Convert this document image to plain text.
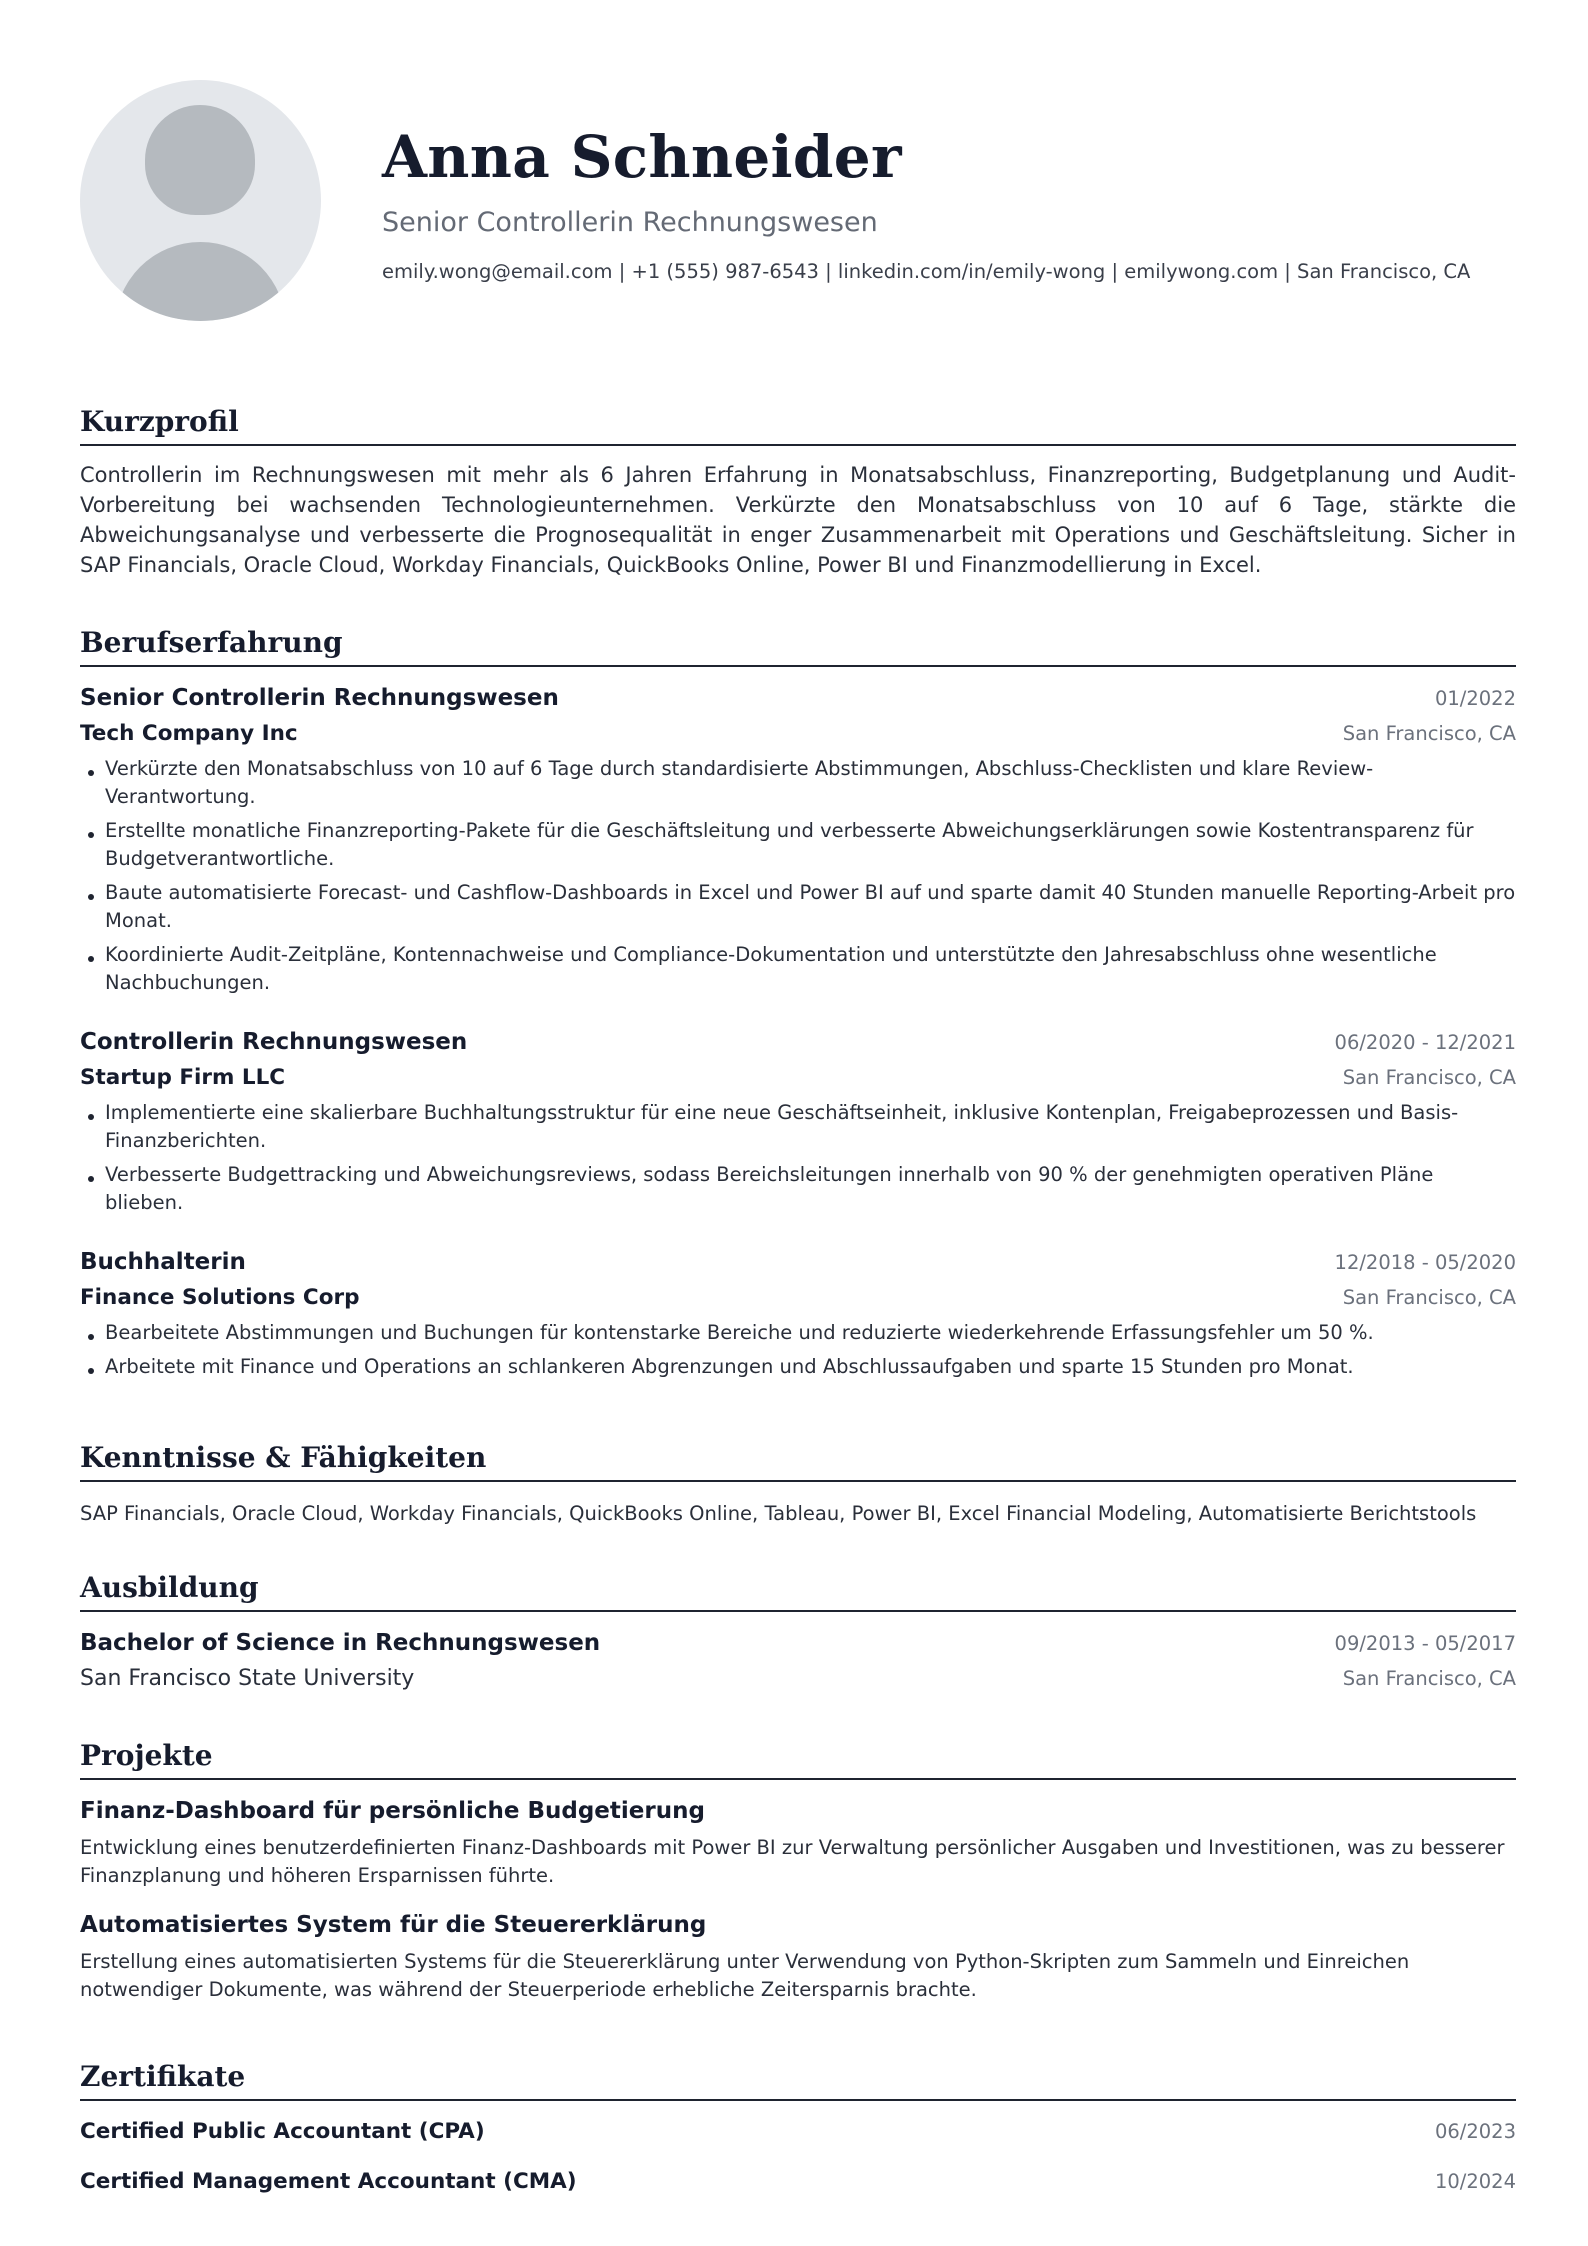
Anna Schneider
Senior Controllerin Rechnungswesen
emily.wong@email.com | +1 (555) 987-6543 | linkedin.com/in/emily-wong | emilywong.com | San Francisco, CA
Kurzprofil
Controllerin im Rechnungswesen mit mehr als 6 Jahren Erfahrung in Monatsabschluss, Finanzreporting, Budgetplanung und Audit-Vorbereitung bei wachsenden Technologieunternehmen. Verkürzte den Monatsabschluss von 10 auf 6 Tage, stärkte die Abweichungsanalyse und verbesserte die Prognosequalität in enger Zusammenarbeit mit Operations und Geschäftsleitung. Sicher in SAP Financials, Oracle Cloud, Workday Financials, QuickBooks Online, Power BI und Finanzmodellierung in Excel.
Berufserfahrung
Senior Controllerin Rechnungswesen	01/2022
Tech Company Inc	San Francisco, CA
Verkürzte den Monatsabschluss von 10 auf 6 Tage durch standardisierte Abstimmungen, Abschluss-Checklisten und klare Review-Verantwortung.
Erstellte monatliche Finanzreporting-Pakete für die Geschäftsleitung und verbesserte Abweichungserklärungen sowie Kostentransparenz für Budgetverantwortliche.
Baute automatisierte Forecast- und Cashflow-Dashboards in Excel und Power BI auf und sparte damit 40 Stunden manuelle Reporting-Arbeit pro Monat.
Koordinierte Audit-Zeitpläne, Kontennachweise und Compliance-Dokumentation und unterstützte den Jahresabschluss ohne wesentliche Nachbuchungen.
Controllerin Rechnungswesen	06/2020 - 12/2021
Startup Firm LLC	San Francisco, CA
Implementierte eine skalierbare Buchhaltungsstruktur für eine neue Geschäftseinheit, inklusive Kontenplan, Freigabeprozessen und Basis-Finanzberichten.
Verbesserte Budgettracking und Abweichungsreviews, sodass Bereichsleitungen innerhalb von 90 % der genehmigten operativen Pläne blieben.
Buchhalterin	12/2018 - 05/2020
Finance Solutions Corp	San Francisco, CA
Bearbeitete Abstimmungen und Buchungen für kontenstarke Bereiche und reduzierte wiederkehrende Erfassungsfehler um 50 %.
Arbeitete mit Finance und Operations an schlankeren Abgrenzungen und Abschlussaufgaben und sparte 15 Stunden pro Monat.
Kenntnisse & Fähigkeiten
SAP Financials, Oracle Cloud, Workday Financials, QuickBooks Online, Tableau, Power BI, Excel Financial Modeling, Automatisierte Berichtstools
Ausbildung
Bachelor of Science in Rechnungswesen	09/2013 - 05/2017
San Francisco State University	San Francisco, CA
Projekte
Finanz-Dashboard für persönliche Budgetierung
Entwicklung eines benutzerdefinierten Finanz-Dashboards mit Power BI zur Verwaltung persönlicher Ausgaben und Investitionen, was zu besserer Finanzplanung und höheren Ersparnissen führte.
Automatisiertes System für die Steuererklärung
Erstellung eines automatisierten Systems für die Steuererklärung unter Verwendung von Python-Skripten zum Sammeln und Einreichen notwendiger Dokumente, was während der Steuerperiode erhebliche Zeitersparnis brachte.
Zertifikate
Certified Public Accountant (CPA)	06/2023
Certified Management Accountant (CMA)	10/2024
